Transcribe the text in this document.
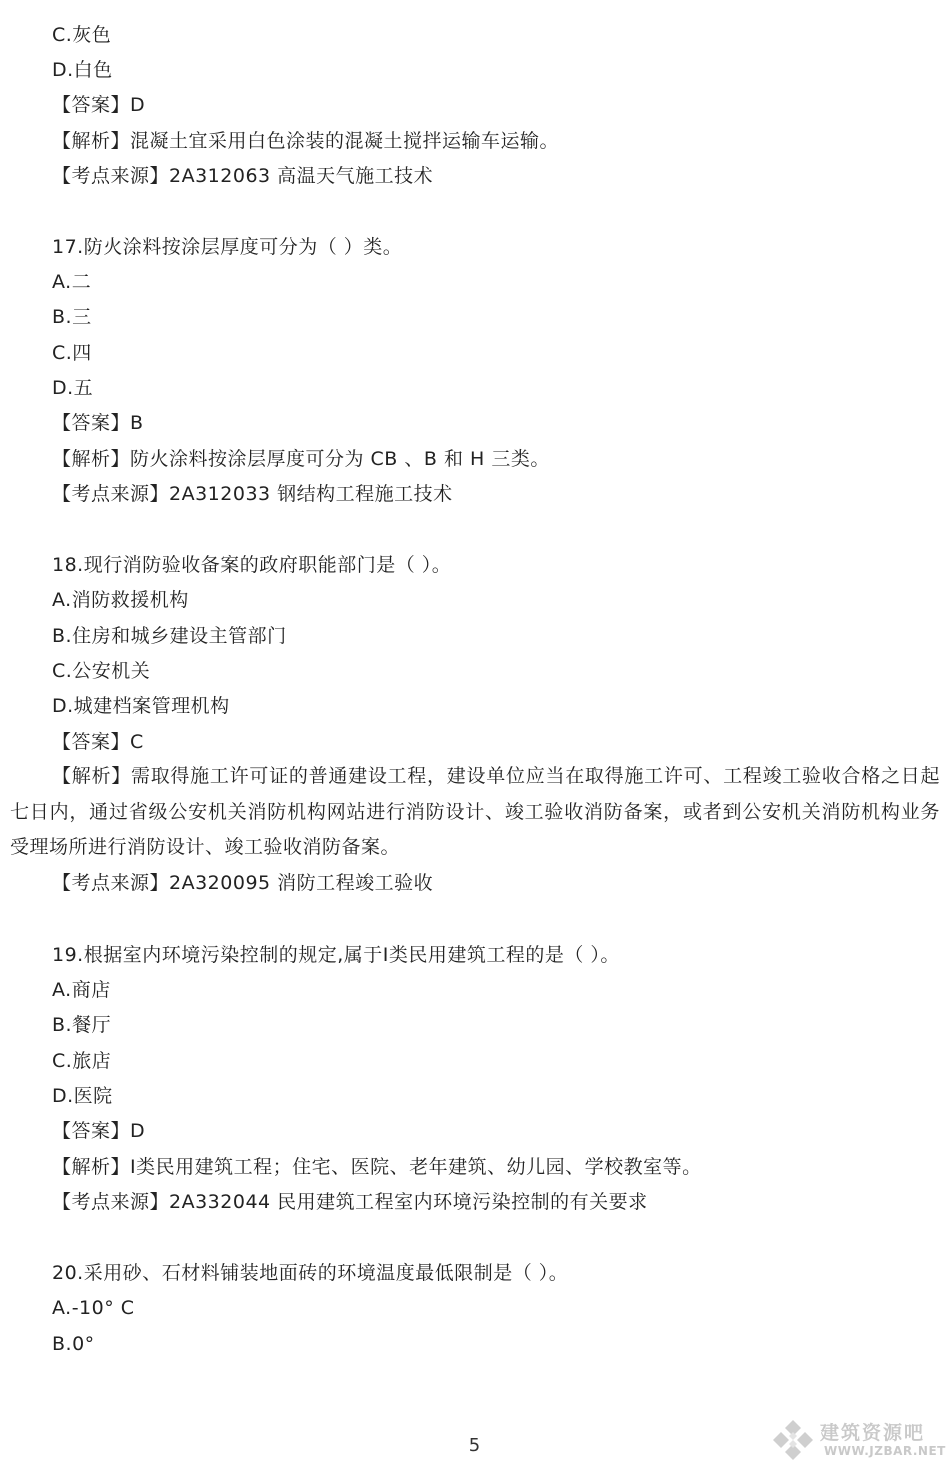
C.灰色
D.白色
【答案】D
【解析】混凝土宜采用白色涂装的混凝土搅拌运输车运输。
【考点来源】2A312063 高温天气施工技术
17.防火涂料按涂层厚度可分为（ ）类。
A.二
B.三
C.四
D.五
【答案】B
【解析】防火涂料按涂层厚度可分为 CB 、B 和 H 三类。
【考点来源】2A312033 钢结构工程施工技术
18.现行消防验收备案的政府职能部门是（ ）。
A.消防救援机构
B.住房和城乡建设主管部门
C.公安机关
D.城建档案管理机构
【答案】C
【解析】需取得施工许可证的普通建设工程，建设单位应当在取得施工许可、工程竣工验收合格之日起七日内，通过省级公安机关消防机构网站进行消防设计、竣工验收消防备案，或者到公安机关消防机构业务受理场所进行消防设计、竣工验收消防备案。
【考点来源】2A320095 消防工程竣工验收
19.根据室内环境污染控制的规定,属于Ⅰ类民用建筑工程的是（ ）。
A.商店
B.餐厅
C.旅店
D.医院
【答案】D
【解析】Ⅰ类民用建筑工程；住宅、医院、老年建筑、幼儿园、学校教室等。
【考点来源】2A332044 民用建筑工程室内环境污染控制的有关要求
20.采用砂、石材料铺装地面砖的环境温度最低限制是（ ）。
A.-10° C
B.0°
5
建筑资源吧
WWW.JZBAR.NET
